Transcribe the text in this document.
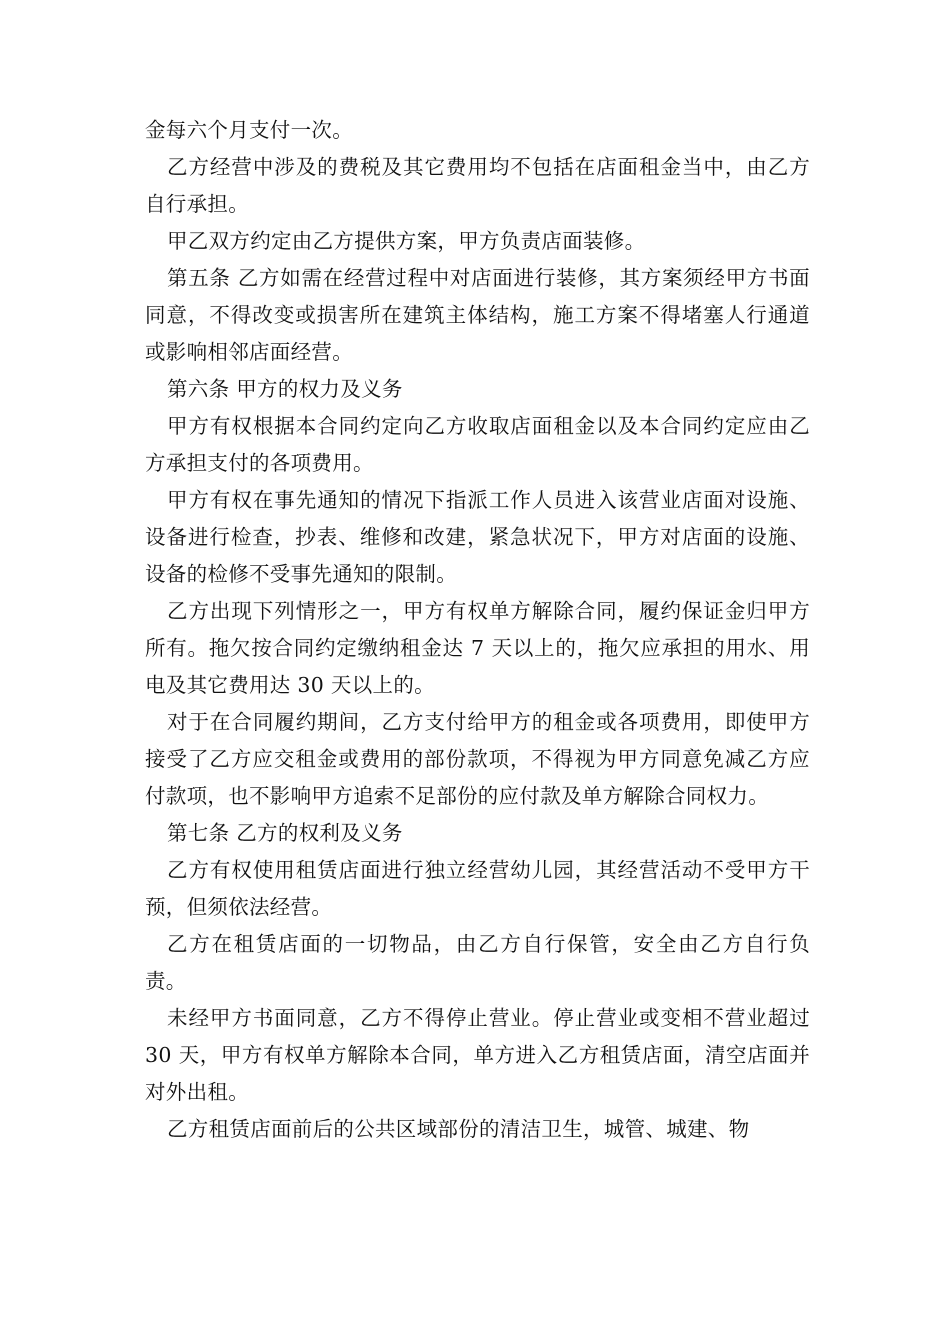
金每六个月支付一次。

乙方经营中涉及的费税及其它费用均不包括在店面租金当中，由乙方自行承担。

甲乙双方约定由乙方提供方案，甲方负责店面装修。

第五条 乙方如需在经营过程中对店面进行装修，其方案须经甲方书面同意，不得改变或损害所在建筑主体结构，施工方案不得堵塞人行通道或影响相邻店面经营。

第六条 甲方的权力及义务

甲方有权根据本合同约定向乙方收取店面租金以及本合同约定应由乙方承担支付的各项费用。

甲方有权在事先通知的情况下指派工作人员进入该营业店面对设施、设备进行检查，抄表、维修和改建，紧急状况下，甲方对店面的设施、设备的检修不受事先通知的限制。

乙方出现下列情形之一，甲方有权单方解除合同，履约保证金归甲方所有。拖欠按合同约定缴纳租金达 7 天以上的，拖欠应承担的用水、用电及其它费用达 30 天以上的。

对于在合同履约期间，乙方支付给甲方的租金或各项费用，即使甲方接受了乙方应交租金或费用的部份款项，不得视为甲方同意免减乙方应付款项，也不影响甲方追索不足部份的应付款及单方解除合同权力。

第七条 乙方的权利及义务

乙方有权使用租赁店面进行独立经营幼儿园，其经营活动不受甲方干预，但须依法经营。

乙方在租赁店面的一切物品，由乙方自行保管，安全由乙方自行负责。

未经甲方书面同意，乙方不得停止营业。停止营业或变相不营业超过 30 天，甲方有权单方解除本合同，单方进入乙方租赁店面，清空店面并对外出租。

乙方租赁店面前后的公共区域部份的清洁卫生，城管、城建、物
